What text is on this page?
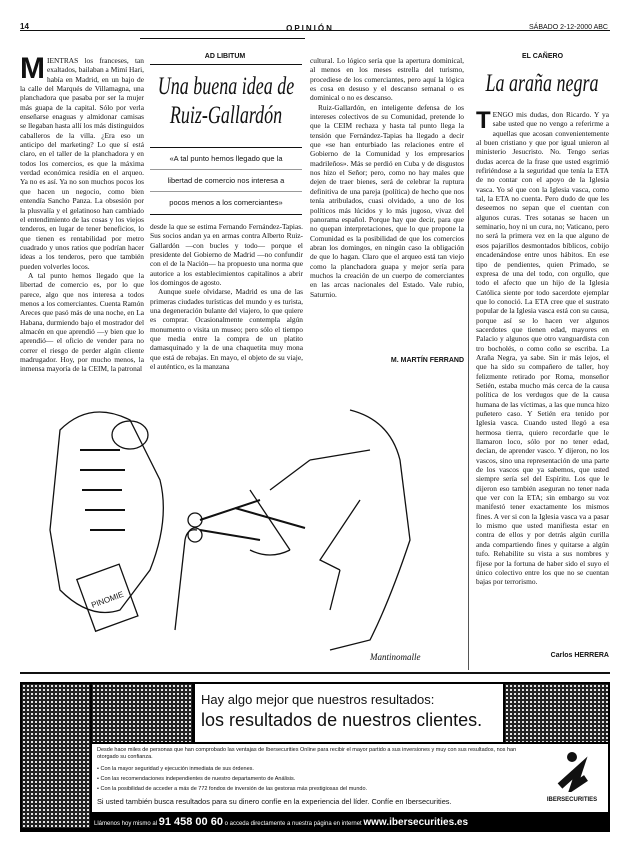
14	OPINIÓN	SÁBADO 2-12-2000 ABC

MIENTRAS los franceses, tan exaltados, bailaban a Mimí Hari, había en Madrid, en un bajo de la calle del Marqués de Villamagna, una planchadora que pasaba por ser la mujer más guapa de la capital. Sólo por verla enseñarse enaguas y almidonar camisas se llegaban hasta allí los más distinguidos caballeros de la villa. ¿Era eso un anticipo del marketing? Lo que sí está claro, en el taller de la planchadora y en todos los comercios, es que la máxima verdad económica residía en el arqueo. Ya no es así. Ya no son muchos pocos los que hacen un negocio, como bien entendía Sancho Panza. La obsesión por la plusvalía y el gelatinoso han cambiado el entendimiento de las cosas y los viejos tenderos, en lugar de tener beneficios, lo que tienen es rentabilidad por metro cuadrado y unos ratios que podrían hacer ideas a los tenderos, pero que también pueden volverles locos.

A tal punto hemos llegado que la libertad de comercio es, por lo que parece, algo que nos interesa a todos menos a los comerciantes. Cuenta Ramón Areces que pasó más de una noche, en La Habana, durmiendo bajo el mostrador del almacén en que aprendió —y bien que lo aprendió— el oficio de vender para no correr el riesgo de perder algún cliente madrugador. Hoy, por mucho menos, la inmensa mayoría de la CEIM, la patronal

AD LIBITUM
Una buena idea de Ruiz-Gallardón
«A tal punto hemos llegado que la
libertad de comercio nos interesa a
pocos menos a los comerciantes»

desde la que se estima Fernando Fernández-Tapias. Sus socios andan ya en armas contra Alberto Ruiz-Gallardón —con bucles y todo— porque el presidente del Gobierno de Madrid —no confundir con el de la Nación— ha propuesto una norma que autorice a los establecimientos capitalinos a abrir los domingos de agosto.

Aunque suele olvidarse, Madrid es una de las primeras ciudades turísticas del mundo y es turista, una degeneración bulante del viajero, lo que quiere es comprar. Ocasionalmente contempla algún monumento o visita un museo; pero sólo el tiempo que media entre la compra de un platito damasquinado y la de una chaquetita muy mona que está de rebajas. En mayo, el objeto de su viaje, el auténtico, es la manzana

cultural. Lo lógico sería que la apertura dominical, al menos en los meses estrella del turismo, procediese de los comerciantes, pero aquí la lógica es cosa en desuso y el descanso semanal o es dominical o no es descanso.

Ruiz-Gallardón, en inteligente defensa de los intereses colectivos de su Comunidad, pretende lo que la CEIM rechaza y hasta tal punto llega la tensión que Fernández-Tapias ha llegado a decir que «se han enturbiado las relaciones entre el Gobierno de la Comunidad y los empresarios madrileños». Más se perdió en Cuba y de disgustos nos hizo el Señor; pero, como no hay males que dejen de traer bienes, será de celebrar la ruptura definitiva de una pareja (política) de hecho que nos tenía atribulados, cuasi olvidado, a uno de los políticos más lúcidos y lo más jugoso, vivaz del panorama español. Porque hay que decir, para que no quepan interpretaciones, que lo que propone la Comunidad es la posibilidad de que los comercios abran los domingos, en ningún caso la obligación de que lo hagan. Claro que el arqueo está tan viejo como la planchadora guapa y mejor sería para muchos la creación de un cuerpo de comerciantes en las arcas nacionales del Estado. Vale rubio, Saturnio.

M. MARTÍN FERRAND
EL CAÑERO
La araña negra

TENGO mis dudas, don Ricardo. Y ya sabe usted que no vengo a referirme a aquellas que acosan convenientemente al buen cristiano y que por igual unieron al ministerio Jesucristo. No. Tengo serias dudas acerca de la frase que usted esgrimió refiriéndose a la seguridad que tenía la ETA de no contar con el apoyo de la Iglesia vasca. Yo sé que con la Iglesia vasca, como tal, la ETA no cuenta. Pero dudo de que les deseemos no sepan que el cuentan con algunos curas. Tres sotanas se hacen un seminario, hoy ni un cura, no; Vaticano, pero no será la primera vez en la que alguno de esos pajarillos desmontados bíblicos, cobijo encadenándose entre unos hábitos. En ese tipo de pendientes, quien Primado, se expresa de una del todo, con orgullo, que todo el afecto que un hijo de la Iglesia Católica siente por todo sacerdote ejemplar que lo conoció. La ETA cree que el sustrato popular de la Iglesia vasca está con su causa, porque así se lo hacen ver algunos sacerdotes que tienen edad, mayores en Palacio y algunos que otro vanguardista con tro bocholés, o como coño se escriba. La Araña Negra, ya sabe. Sin ir más lejos, el que ha sido su compañero de taller, hoy felizmente retirado por Roma, monseñor Setién, estaba mucho más cerca de la causa política de los verdugos que de la causa humana de las víctimas, a las que nunca hizo puñetero caso. Y Setién era tenido por Iglesia vasca. Cuando usted llegó a esa hermosa tierra, quiero recordarle que le llamaron loco, sólo por no tener edad, decían, de aprender vasco. Y dijeron, no los vascos, sino una representación de una parte de los vascos que ya sabemos, que usted siempre sería sel del Espíritu. Los que le dijeron eso también aseguran no tener nada que ver con la ETA; sin embargo su voz manifestó tener exactamente los mismos fines. A ver si con la Iglesia vasca va a pasar lo mismo que usted manifiesta estar en contra de ellos y por detrás algún curilla anda compartiendo fines y quitarse a algún tufo. Rehabilite su vista a sus nombres y fíjese por la fortuna de haber sido el suyo el único colectivo entre los que no se cuentan bajas por terrorismo.

Carlos HERRERA
PINOMIE
Mantinomalle
Hay algo mejor que nuestros resultados:
los resultados de nuestros clientes.
Desde hace miles de personas que han comprobado las ventajas de Ibersecurities Online para recibir el mayor partido a sus inversiones y muy con sus resultados, nos han otorgado su confianza.
• Con la mayor seguridad y ejecución inmediata de sus órdenes.
• Con las recomendaciones independientes de nuestro departamento de Análisis.
• Con la posibilidad de acceder a más de 772 fondos de inversión de las gestoras más prestigiosas del mundo.
Si usted también busca resultados para su dinero confíe en la experiencia del líder. Confíe en Ibersecurities.	IBERSECURITIES
Llámenos hoy mismo al 91 458 00 60 o acceda directamente a nuestra página en internet www.ibersecurities.es
